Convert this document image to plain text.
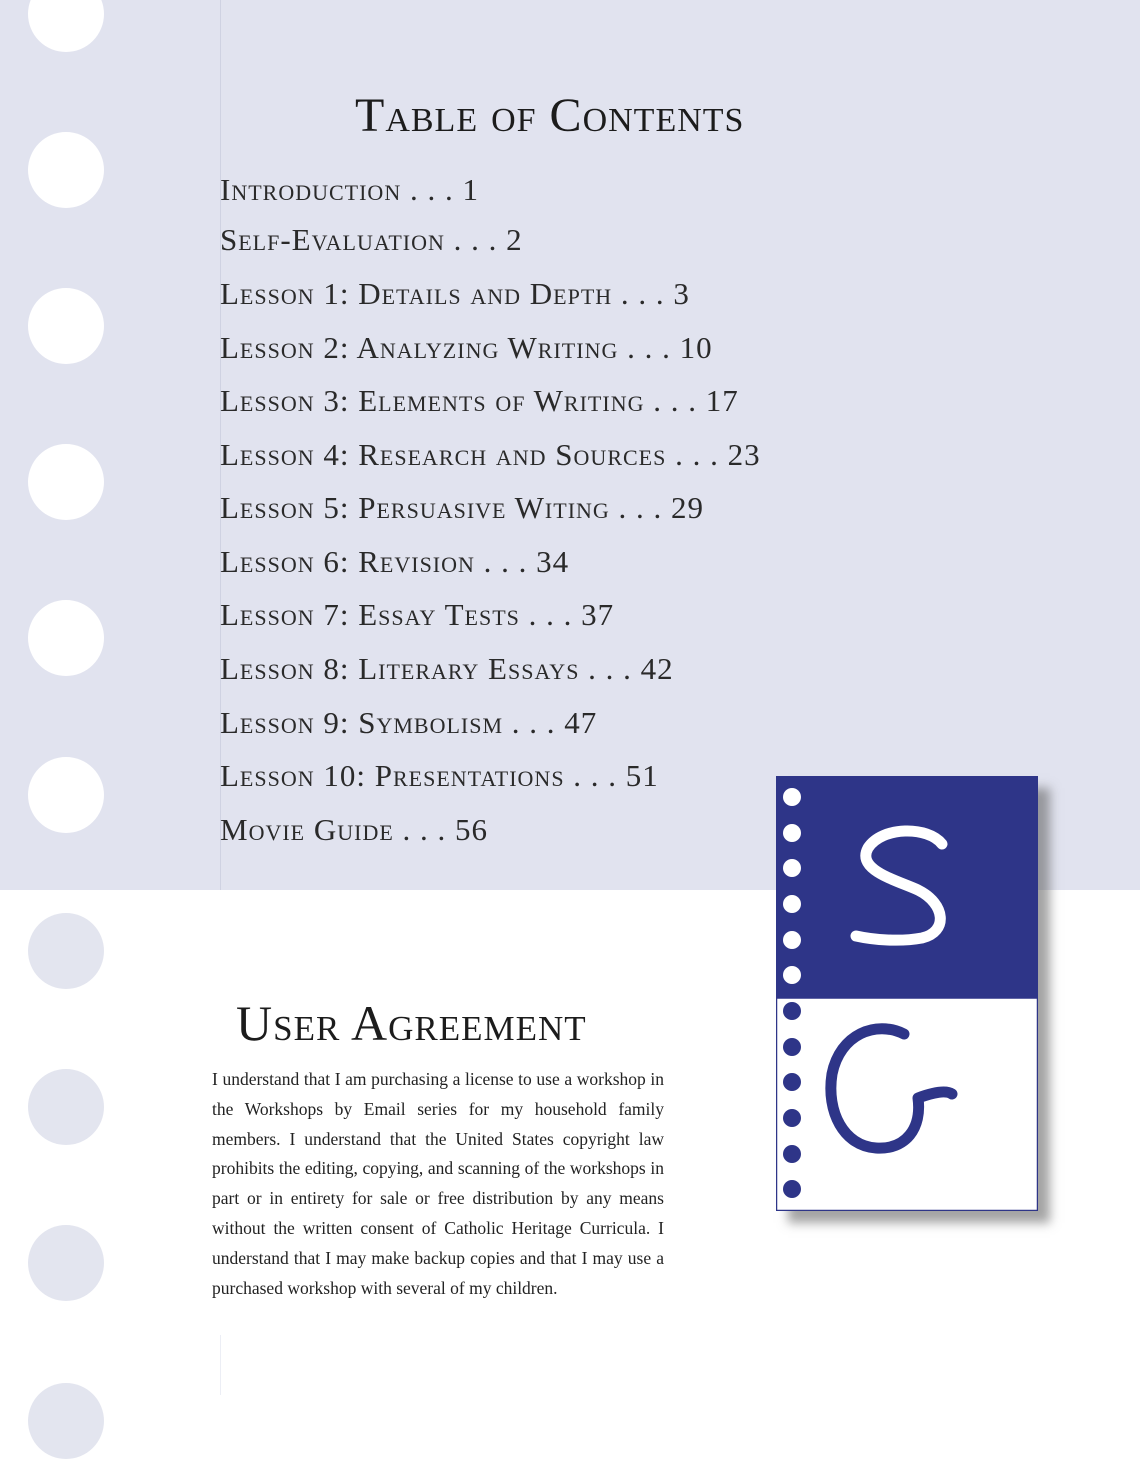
Table of Contents
Introduction . . . 1
Self-Evaluation . . . 2
Lesson 1: Details and Depth . . . 3
Lesson 2: Analyzing Writing . . . 10
Lesson 3: Elements of Writing . . . 17
Lesson 4: Research and Sources . . . 23
Lesson 5: Persuasive Witing . . . 29
Lesson 6: Revision . . . 34
Lesson 7: Essay Tests . . . 37
Lesson 8: Literary Essays . . . 42
Lesson 9: Symbolism . . . 47
Lesson 10: Presentations . . . 51
Movie Guide . . . 56
User Agreement

I understand that I am purchasing a license to use a workshop in the Workshops by Email series for my household family members. I understand that the United States copyright law prohibits the editing, copying, and scanning of the workshops in part or in entirety for sale or free distribution by any means without the written consent of Catholic Heritage Curricula. I understand that I may make backup copies and that I may use a purchased workshop with several of my children.
